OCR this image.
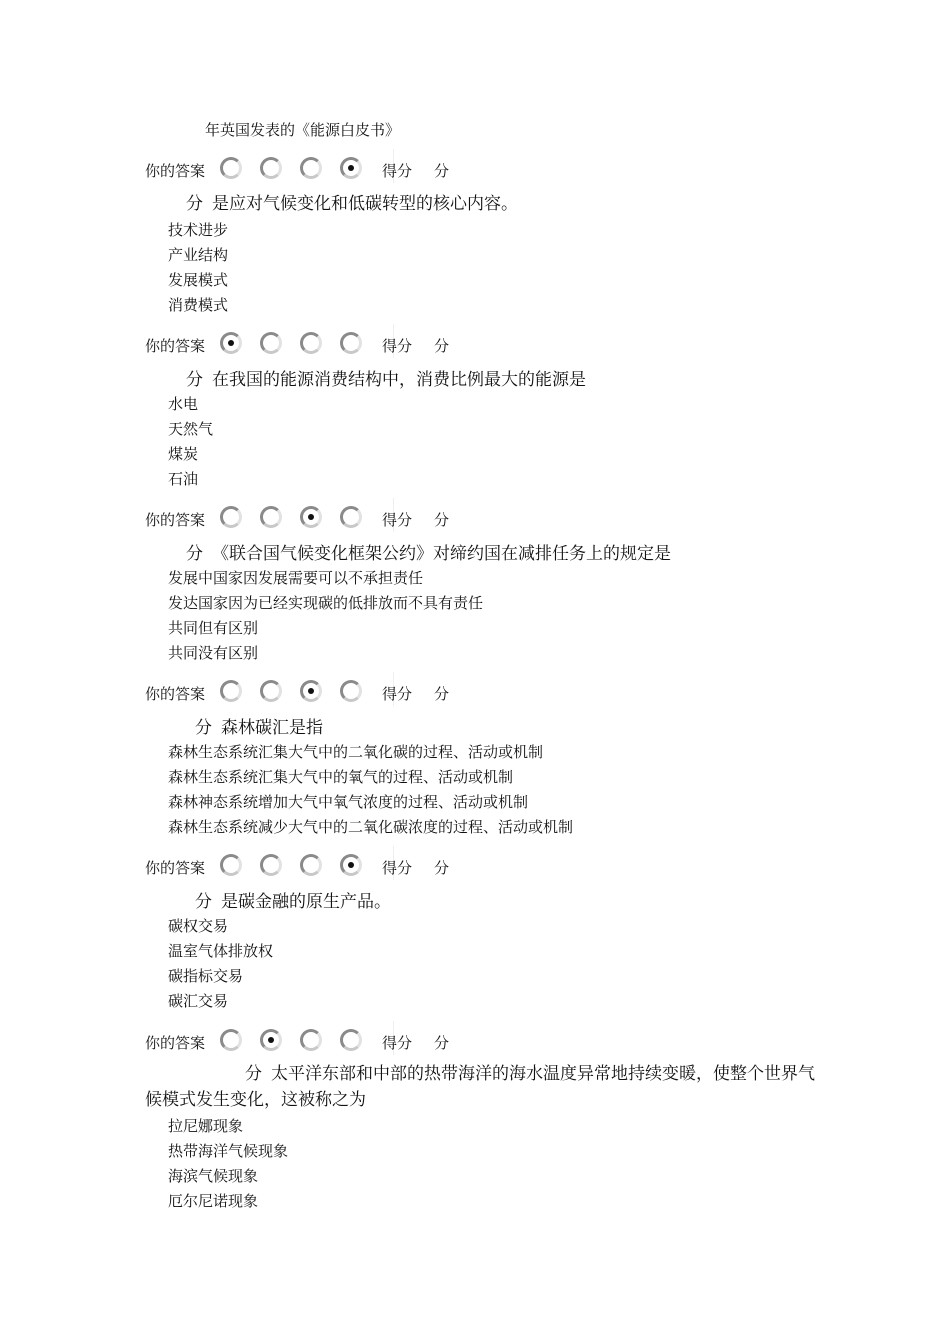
年英国发表的《能源白皮书》
你的答案	得分 分
分 是应对气候变化和低碳转型的核心内容。
技术进步
产业结构
发展模式
消费模式
你的答案	得分 分
分 在我国的能源消费结构中，消费比例最大的能源是
水电
天然气
煤炭
石油
你的答案	得分 分
分 《联合国气候变化框架公约》对缔约国在减排任务上的规定是
发展中国家因发展需要可以不承担责任
发达国家因为已经实现碳的低排放而不具有责任
共同但有区别
共同没有区别
你的答案	得分 分
分 森林碳汇是指
森林生态系统汇集大气中的二氧化碳的过程、活动或机制
森林生态系统汇集大气中的氧气的过程、活动或机制
森林神态系统增加大气中氧气浓度的过程、活动或机制
森林生态系统减少大气中的二氧化碳浓度的过程、活动或机制
你的答案	得分 分
分 是碳金融的原生产品。
碳权交易
温室气体排放权
碳指标交易
碳汇交易
你的答案	得分 分
分 太平洋东部和中部的热带海洋的海水温度异常地持续变暖，使整个世界气候模式发生变化，这被称之为
拉尼娜现象
热带海洋气候现象
海滨气候现象
厄尔尼诺现象
